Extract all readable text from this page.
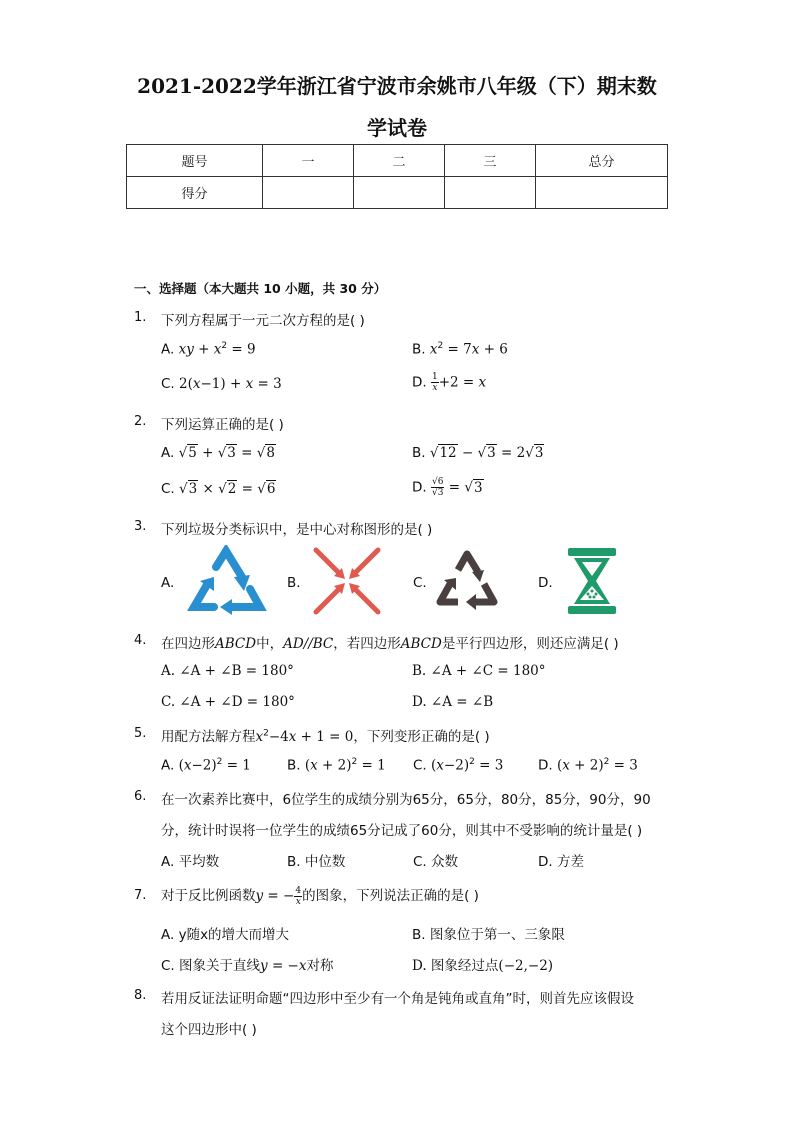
2021-2022学年浙江省宁波市余姚市八年级（下）期末数
学试卷
题号	一	二	三	总分
得分				
一、选择题（本大题共 10 小题，共 30 分）
1. 下列方程属于一元二次方程的是( )
A. xy + $x^2 = 9$	B. $x^2 = 7x + 6$
C. 2(x−1) + x = 3	D. $\frac{1}{x} +2 = x$
2. 下列运算正确的是( )
A. √5 + √3 = √8	B. √12 − √3 = 2√3
C. √3 × √2 = √6	D. $\frac{√6}{√3} = √3$
3. 下列垃圾分类标识中，是中心对称图形的是( )
A.	B.	C.	D.
4. 在四边形ABCD中，AD//BC，若四边形ABCD是平行四边形，则还应满足( )
A. ∠A + ∠B = 180°	B. ∠A + ∠C = 180°
C. ∠A + ∠D = 180°	D. ∠A = ∠B
5. 用配方法解方程$x^2-4x + 1 = 0$，下列变形正确的是( )
A. $(x-2)^2 = 1$	B. $(x + 2)^2 = 1$ C. $(x-2)^2 = 3$	D. $(x + 2)^2 = 3$
6. 在一次素养比赛中，6位学生的成绩分别为65分，65分，80分，85分，90分，90
分，统计时误将一位学生的成绩65分记成了60分，则其中不受影响的统计量是( )
A. 平均数	B. 中位数	C. 众数	D. 方差
7. 对于反比例函数y = − $\frac{4}{x}$ 的图象，下列说法正确的是( )
A. y随x的增大而增大	B. 图象位于第一、三象限
C. 图象关于直线y = −x对称	D. 图象经过点(−2,−2)
8. 若用反证法证明命题“四边形中至少有一个角是钝角或直角”时，则首先应该假设
这个四边形中( )
